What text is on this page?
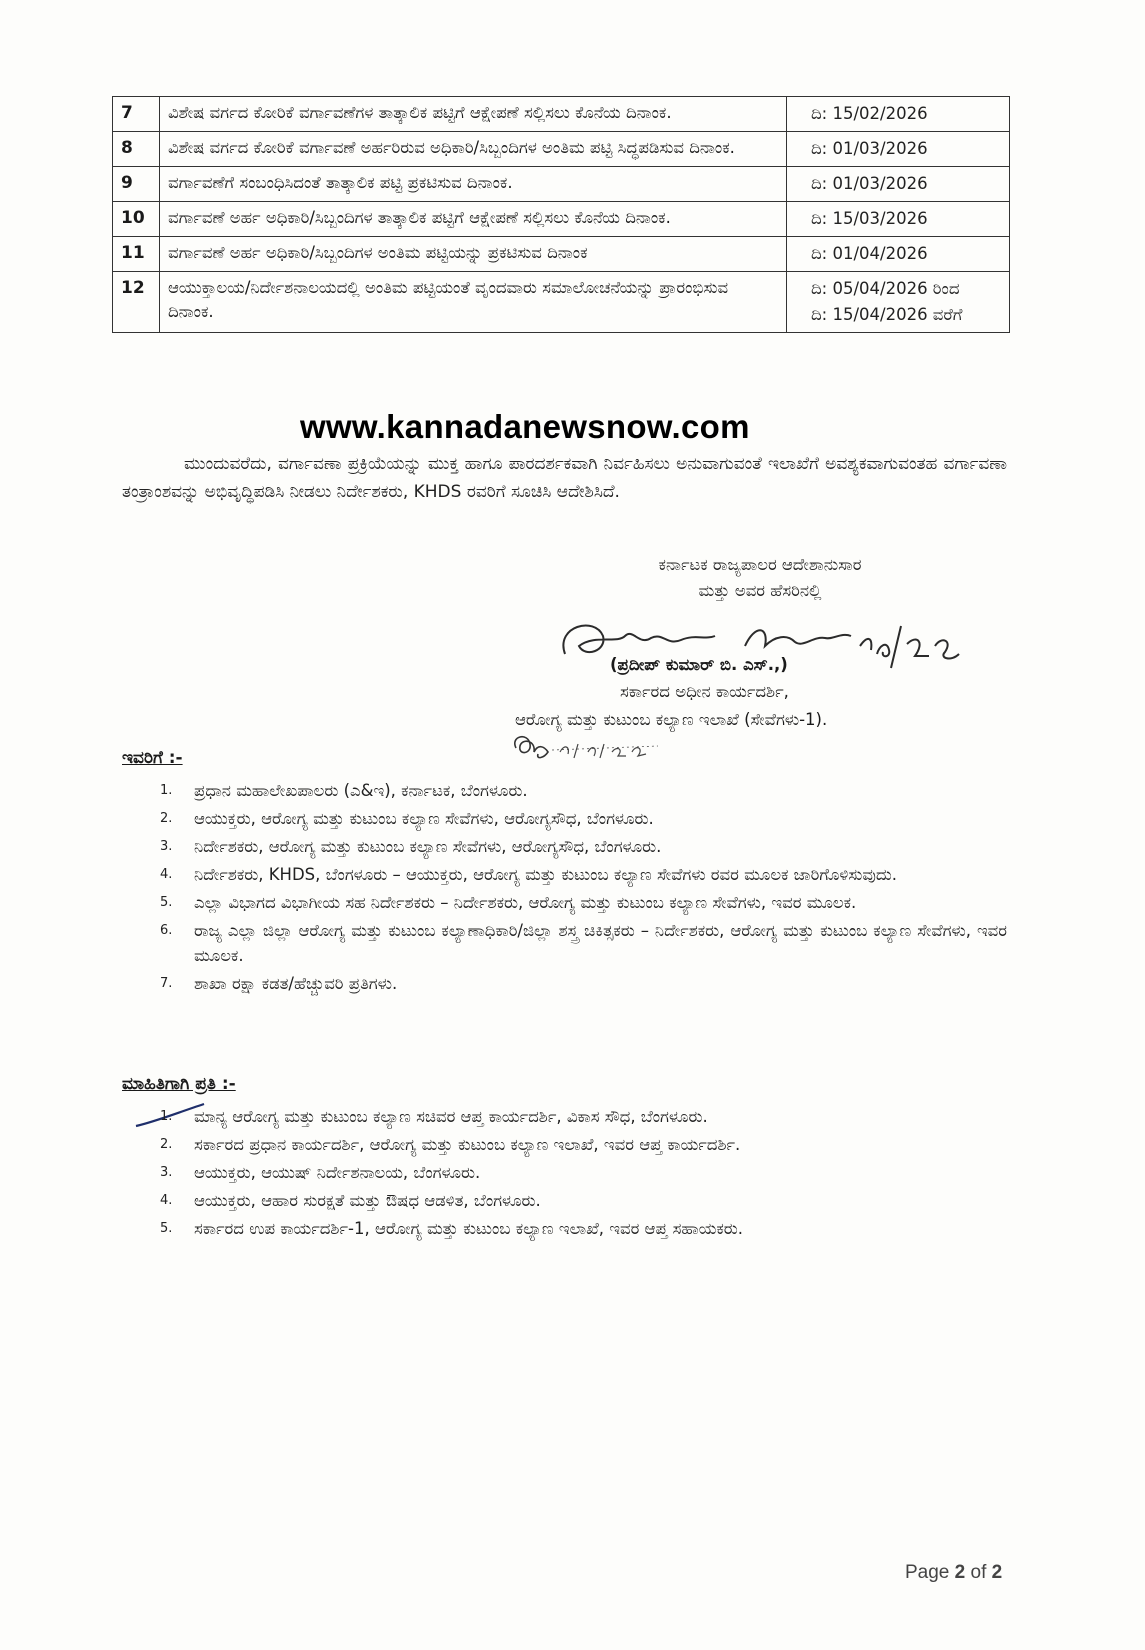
7	ವಿಶೇಷ ವರ್ಗದ ಕೋರಿಕೆ ವರ್ಗಾವಣೆಗಳ ತಾತ್ಕಾಲಿಕ ಪಟ್ಟಿಗೆ ಆಕ್ಷೇಪಣೆ ಸಲ್ಲಿಸಲು ಕೊನೆಯ ದಿನಾಂಕ.	ದಿ: 15/02/2026

8	ವಿಶೇಷ ವರ್ಗದ ಕೋರಿಕೆ ವರ್ಗಾವಣೆ ಅರ್ಹರಿರುವ ಅಧಿಕಾರಿ/ಸಿಬ್ಬಂದಿಗಳ ಅಂತಿಮ ಪಟ್ಟಿ ಸಿದ್ಧಪಡಿಸುವ ದಿನಾಂಕ.	ದಿ: 01/03/2026

9	ವರ್ಗಾವಣೆಗೆ ಸಂಬಂಧಿಸಿದಂತೆ ತಾತ್ಕಾಲಿಕ ಪಟ್ಟಿ ಪ್ರಕಟಿಸುವ ದಿನಾಂಕ.	ದಿ: 01/03/2026

10	ವರ್ಗಾವಣೆ ಅರ್ಹ ಅಧಿಕಾರಿ/ಸಿಬ್ಬಂದಿಗಳ ತಾತ್ಕಾಲಿಕ ಪಟ್ಟಿಗೆ ಆಕ್ಷೇಪಣೆ ಸಲ್ಲಿಸಲು ಕೊನೆಯ ದಿನಾಂಕ.	ದಿ: 15/03/2026

11	ವರ್ಗಾವಣೆ ಅರ್ಹ ಅಧಿಕಾರಿ/ಸಿಬ್ಬಂದಿಗಳ ಅಂತಿಮ ಪಟ್ಟಿಯನ್ನು ಪ್ರಕಟಿಸುವ ದಿನಾಂಕ	ದಿ: 01/04/2026

12	ಆಯುಕ್ತಾಲಯ/ನಿರ್ದೇಶನಾಲಯದಲ್ಲಿ ಅಂತಿಮ ಪಟ್ಟಿಯಂತೆ ವೃಂದವಾರು ಸಮಾಲೋಚನೆಯನ್ನು ಪ್ರಾರಂಭಿಸುವ ದಿನಾಂಕ.	ದಿ: 05/04/2026 ರಿಂದ
ದಿ: 15/04/2026 ವರೆಗೆ
www.kannadanewsnow.com
ಮುಂದುವರೆದು, ವರ್ಗಾವಣಾ ಪ್ರಕ್ರಿಯೆಯನ್ನು ಮುಕ್ತ ಹಾಗೂ ಪಾರದರ್ಶಕವಾಗಿ ನಿರ್ವಹಿಸಲು ಅನುವಾಗುವಂತೆ ಇಲಾಖೆಗೆ ಅವಶ್ಯಕವಾಗುವಂತಹ ವರ್ಗಾವಣಾ ತಂತ್ರಾಂಶವನ್ನು ಅಭಿವೃದ್ಧಿಪಡಿಸಿ ನೀಡಲು ನಿರ್ದೇಶಕರು, KHDS ರವರಿಗೆ ಸೂಚಿಸಿ ಆದೇಶಿಸಿದೆ.
ಕರ್ನಾಟಕ ರಾಜ್ಯಪಾಲರ ಆದೇಶಾನುಸಾರ
ಮತ್ತು ಅವರ ಹೆಸರಿನಲ್ಲಿ
(ಪ್ರದೀಪ್ ಕುಮಾರ್ ಬಿ. ಎಸ್.,)
ಸರ್ಕಾರದ ಅಧೀನ ಕಾರ್ಯದರ್ಶಿ,
ಆರೋಗ್ಯ ಮತ್ತು ಕುಟುಂಬ ಕಲ್ಯಾಣ ಇಲಾಖೆ (ಸೇವೆಗಳು-1).
ಇವರಿಗೆ :-
1. ಪ್ರಧಾನ ಮಹಾಲೇಖಪಾಲರು (ಎ&ಇ), ಕರ್ನಾಟಕ, ಬೆಂಗಳೂರು.
2. ಆಯುಕ್ತರು, ಆರೋಗ್ಯ ಮತ್ತು ಕುಟುಂಬ ಕಲ್ಯಾಣ ಸೇವೆಗಳು, ಆರೋಗ್ಯಸೌಧ, ಬೆಂಗಳೂರು.
3. ನಿರ್ದೇಶಕರು, ಆರೋಗ್ಯ ಮತ್ತು ಕುಟುಂಬ ಕಲ್ಯಾಣ ಸೇವೆಗಳು, ಆರೋಗ್ಯಸೌಧ, ಬೆಂಗಳೂರು.
4. ನಿರ್ದೇಶಕರು, KHDS, ಬೆಂಗಳೂರು – ಆಯುಕ್ತರು, ಆರೋಗ್ಯ ಮತ್ತು ಕುಟುಂಬ ಕಲ್ಯಾಣ ಸೇವೆಗಳು ರವರ ಮೂಲಕ ಜಾರಿಗೊಳಿಸುವುದು.
5. ಎಲ್ಲಾ ವಿಭಾಗದ ವಿಭಾಗೀಯ ಸಹ ನಿರ್ದೇಶಕರು – ನಿರ್ದೇಶಕರು, ಆರೋಗ್ಯ ಮತ್ತು ಕುಟುಂಬ ಕಲ್ಯಾಣ ಸೇವೆಗಳು, ಇವರ ಮೂಲಕ.
6. ರಾಜ್ಯ ಎಲ್ಲಾ ಜಿಲ್ಲಾ ಆರೋಗ್ಯ ಮತ್ತು ಕುಟುಂಬ ಕಲ್ಯಾಣಾಧಿಕಾರಿ/ಜಿಲ್ಲಾ ಶಸ್ತ್ರ ಚಿಕಿತ್ಸಕರು – ನಿರ್ದೇಶಕರು, ಆರೋಗ್ಯ ಮತ್ತು ಕುಟುಂಬ ಕಲ್ಯಾಣ ಸೇವೆಗಳು, ಇವರ ಮೂಲಕ.
7. ಶಾಖಾ ರಕ್ಷಾ ಕಡತ/ಹೆಚ್ಚುವರಿ ಪ್ರತಿಗಳು.
ಮಾಹಿತಿಗಾಗಿ ಪ್ರತಿ :-
1. ಮಾನ್ಯ ಆರೋಗ್ಯ ಮತ್ತು ಕುಟುಂಬ ಕಲ್ಯಾಣ ಸಚಿವರ ಆಪ್ತ ಕಾರ್ಯದರ್ಶಿ, ವಿಕಾಸ ಸೌಧ, ಬೆಂಗಳೂರು.
2. ಸರ್ಕಾರದ ಪ್ರಧಾನ ಕಾರ್ಯದರ್ಶಿ, ಆರೋಗ್ಯ ಮತ್ತು ಕುಟುಂಬ ಕಲ್ಯಾಣ ಇಲಾಖೆ, ಇವರ ಆಪ್ತ ಕಾರ್ಯದರ್ಶಿ.
3. ಆಯುಕ್ತರು, ಆಯುಷ್ ನಿರ್ದೇಶನಾಲಯ, ಬೆಂಗಳೂರು.
4. ಆಯುಕ್ತರು, ಆಹಾರ ಸುರಕ್ಷತೆ ಮತ್ತು ಔಷಧ ಆಡಳಿತ, ಬೆಂಗಳೂರು.
5. ಸರ್ಕಾರದ ಉಪ ಕಾರ್ಯದರ್ಶಿ-1, ಆರೋಗ್ಯ ಮತ್ತು ಕುಟುಂಬ ಕಲ್ಯಾಣ ಇಲಾಖೆ, ಇವರ ಆಪ್ತ ಸಹಾಯಕರು.
Page 2 of 2
